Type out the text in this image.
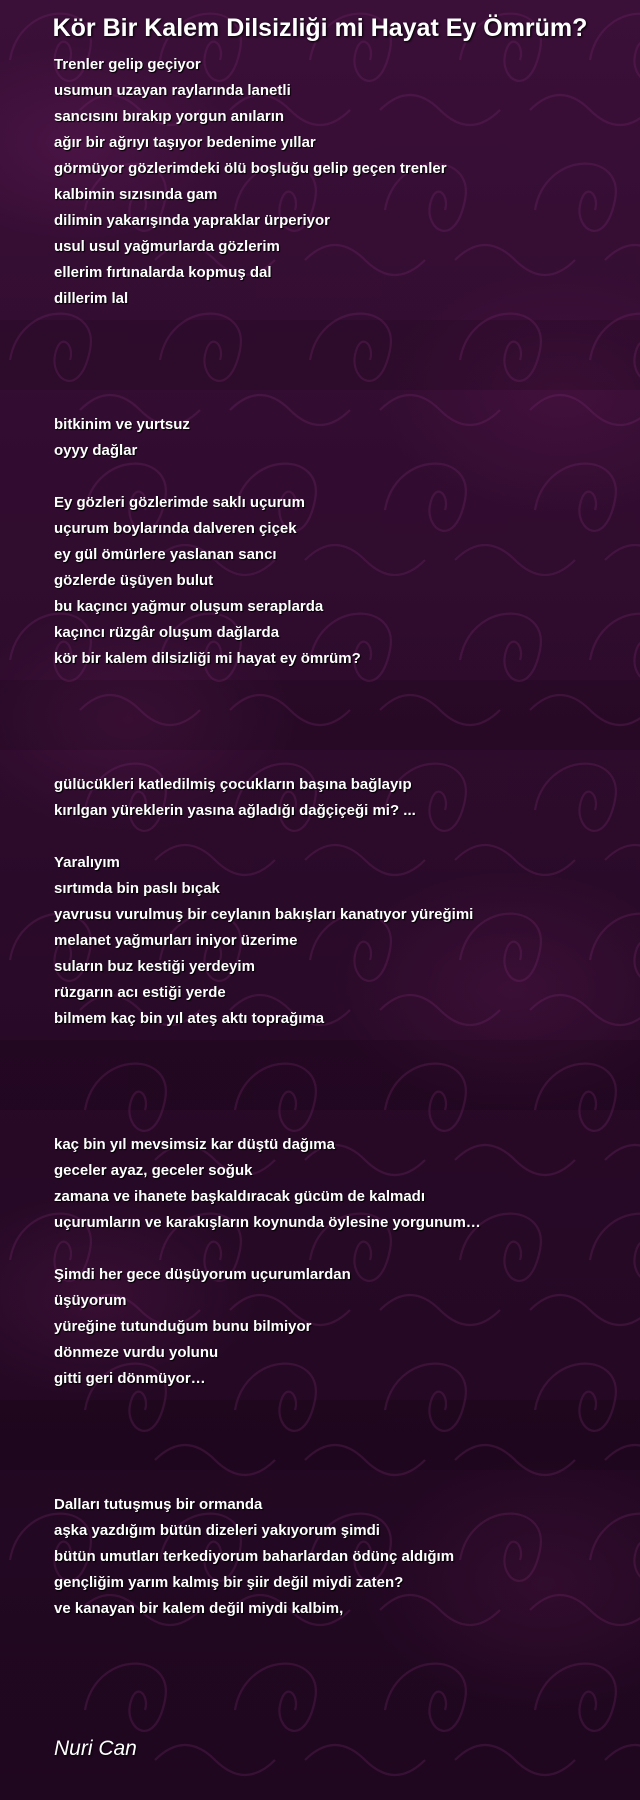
Kör Bir Kalem Dilsizliği mi Hayat Ey Ömrüm?
Trenler gelip geçiyor
usumun uzayan raylarında lanetli
sancısını bırakıp yorgun anıların
ağır bir ağrıyı taşıyor bedenime yıllar
görmüyor gözlerimdeki ölü boşluğu gelip geçen trenler
kalbimin sızısında gam
dilimin yakarışında yapraklar ürperiyor
usul usul yağmurlarda gözlerim
ellerim fırtınalarda kopmuş dal
dillerim lal
bitkinim ve yurtsuz
oyyy dağlar
Ey gözleri gözlerimde saklı uçurum
uçurum boylarında dalveren çiçek
ey gül ömürlere yaslanan sancı
gözlerde üşüyen bulut
bu kaçıncı yağmur oluşum seraplarda
kaçıncı rüzgâr oluşum dağlarda
kör bir kalem dilsizliği mi hayat ey ömrüm?
gülücükleri katledilmiş çocukların başına bağlayıp
kırılgan yüreklerin yasına ağladığı dağçiçeği mi? ...
Yaralıyım
sırtımda bin paslı bıçak
yavrusu vurulmuş bir ceylanın bakışları kanatıyor yüreğimi
melanet yağmurları iniyor üzerime
suların buz kestiği yerdeyim
rüzgarın acı estiği yerde
bilmem kaç bin yıl ateş aktı toprağıma
kaç bin yıl mevsimsiz kar düştü dağıma
geceler ayaz, geceler soğuk
zamana ve ihanete başkaldıracak gücüm de kalmadı
uçurumların ve karakışların koynunda öylesine yorgunum…
Şimdi her gece düşüyorum uçurumlardan
üşüyorum
yüreğine tutunduğum bunu bilmiyor
dönmeze vurdu yolunu
gitti geri dönmüyor…
Dalları tutuşmuş bir ormanda
aşka yazdığım bütün dizeleri yakıyorum şimdi
bütün umutları terkediyorum baharlardan ödünç aldığım
gençliğim yarım kalmış bir şiir değil miydi zaten?
ve kanayan bir kalem değil miydi kalbim,
Nuri Can
